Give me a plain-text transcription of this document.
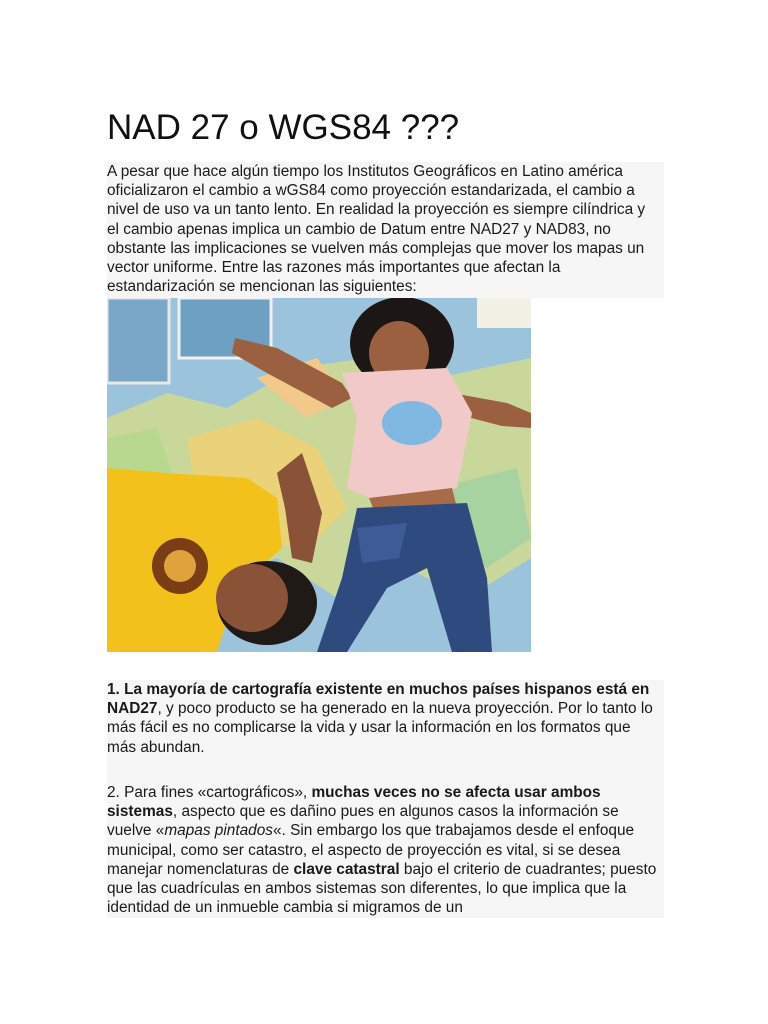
NAD 27 o WGS84 ???

A pesar que hace algún tiempo los Institutos Geográficos en Latino américa oficializaron el cambio a wGS84 como proyección estandarizada, el cambio a nivel de uso va un tanto lento. En realidad la proyección es siempre cilíndrica y el cambio apenas implica un cambio de Datum entre NAD27 y NAD83, no obstante las implicaciones se vuelven más complejas que mover los mapas un vector uniforme. Entre las razones más importantes que afectan la estandarización se mencionan las siguientes:

1. La mayoría de cartografía existente en muchos países hispanos está en NAD27, y poco producto se ha generado en la nueva proyección. Por lo tanto lo más fácil es no complicarse la vida y usar la información en los formatos que más abundan.

2. Para fines «cartográficos», muchas veces no se afecta usar ambos sistemas, aspecto que es dañino pues en algunos casos la información se vuelve «mapas pintados«. Sin embargo los que trabajamos desde el enfoque municipal, como ser catastro, el aspecto de proyección es vital, si se desea manejar nomenclaturas de clave catastral bajo el criterio de cuadrantes; puesto que las cuadrículas en ambos sistemas son diferentes, lo que implica que la identidad de un inmueble cambia si migramos de un
